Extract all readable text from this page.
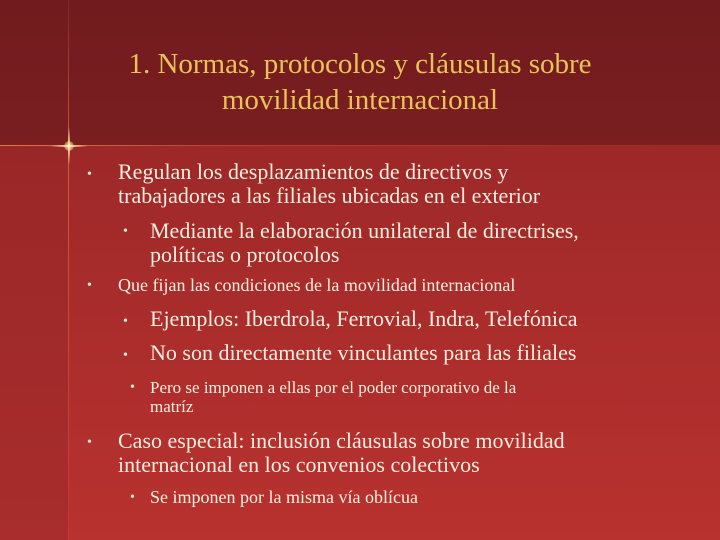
1. Normas, protocolos y cláusulas sobre
movilidad internacional
• Regulan los desplazamientos de directivos y
trabajadores a las filiales ubicadas en el exterior
• Mediante la elaboración unilateral de directrises,
políticas o protocolos
• Que fijan las condiciones de la movilidad internacional
• Ejemplos: Iberdrola, Ferrovial, Indra, Telefónica
• No son directamente vinculantes para las filiales
• Pero se imponen a ellas por el poder corporativo de la
matríz
• Caso especial: inclusión cláusulas sobre movilidad
internacional en los convenios colectivos
• Se imponen por la misma vía oblícua
